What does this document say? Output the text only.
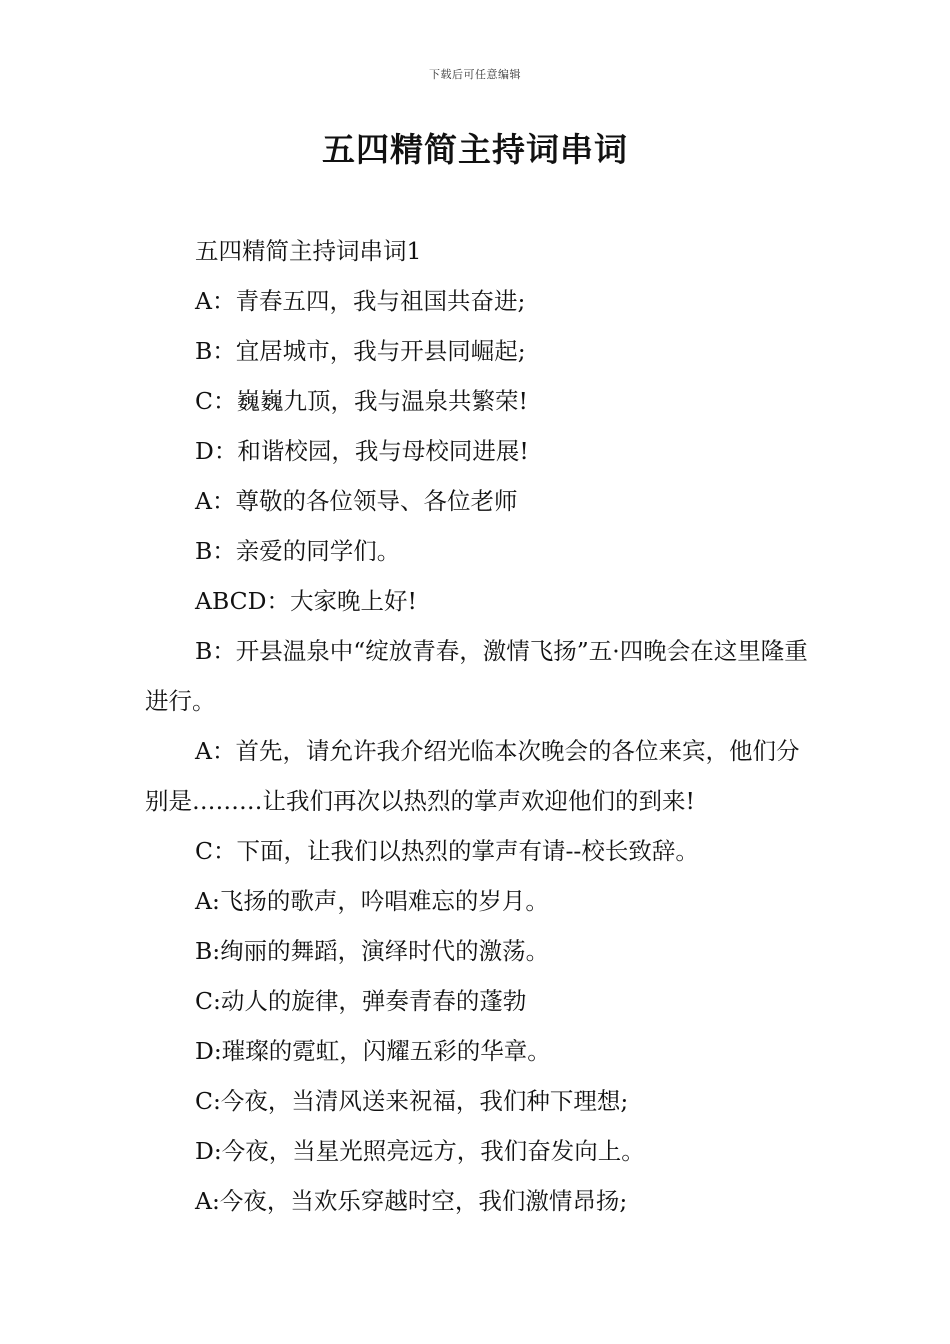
下载后可任意编辑
五四精简主持词串词

五四精简主持词串词1

A：青春五四，我与祖国共奋进;

B：宜居城市，我与开县同崛起;

C：巍巍九顶，我与温泉共繁荣!

D：和谐校园，我与母校同进展!

A：尊敬的各位领导、各位老师

B：亲爱的同学们。

ABCD：大家晚上好!

B：开县温泉中“绽放青春，激情飞扬”五·四晚会在这里隆重进行。

A：首先，请允许我介绍光临本次晚会的各位来宾，他们分别是………让我们再次以热烈的掌声欢迎他们的到来!

C：下面，让我们以热烈的掌声有请--校长致辞。

A:飞扬的歌声，吟唱难忘的岁月。

B:绚丽的舞蹈，演绎时代的激荡。

C:动人的旋律，弹奏青春的蓬勃

D:璀璨的霓虹，闪耀五彩的华章。

C:今夜，当清风送来祝福，我们种下理想;

D:今夜，当星光照亮远方，我们奋发向上。

A:今夜，当欢乐穿越时空，我们激情昂扬;
